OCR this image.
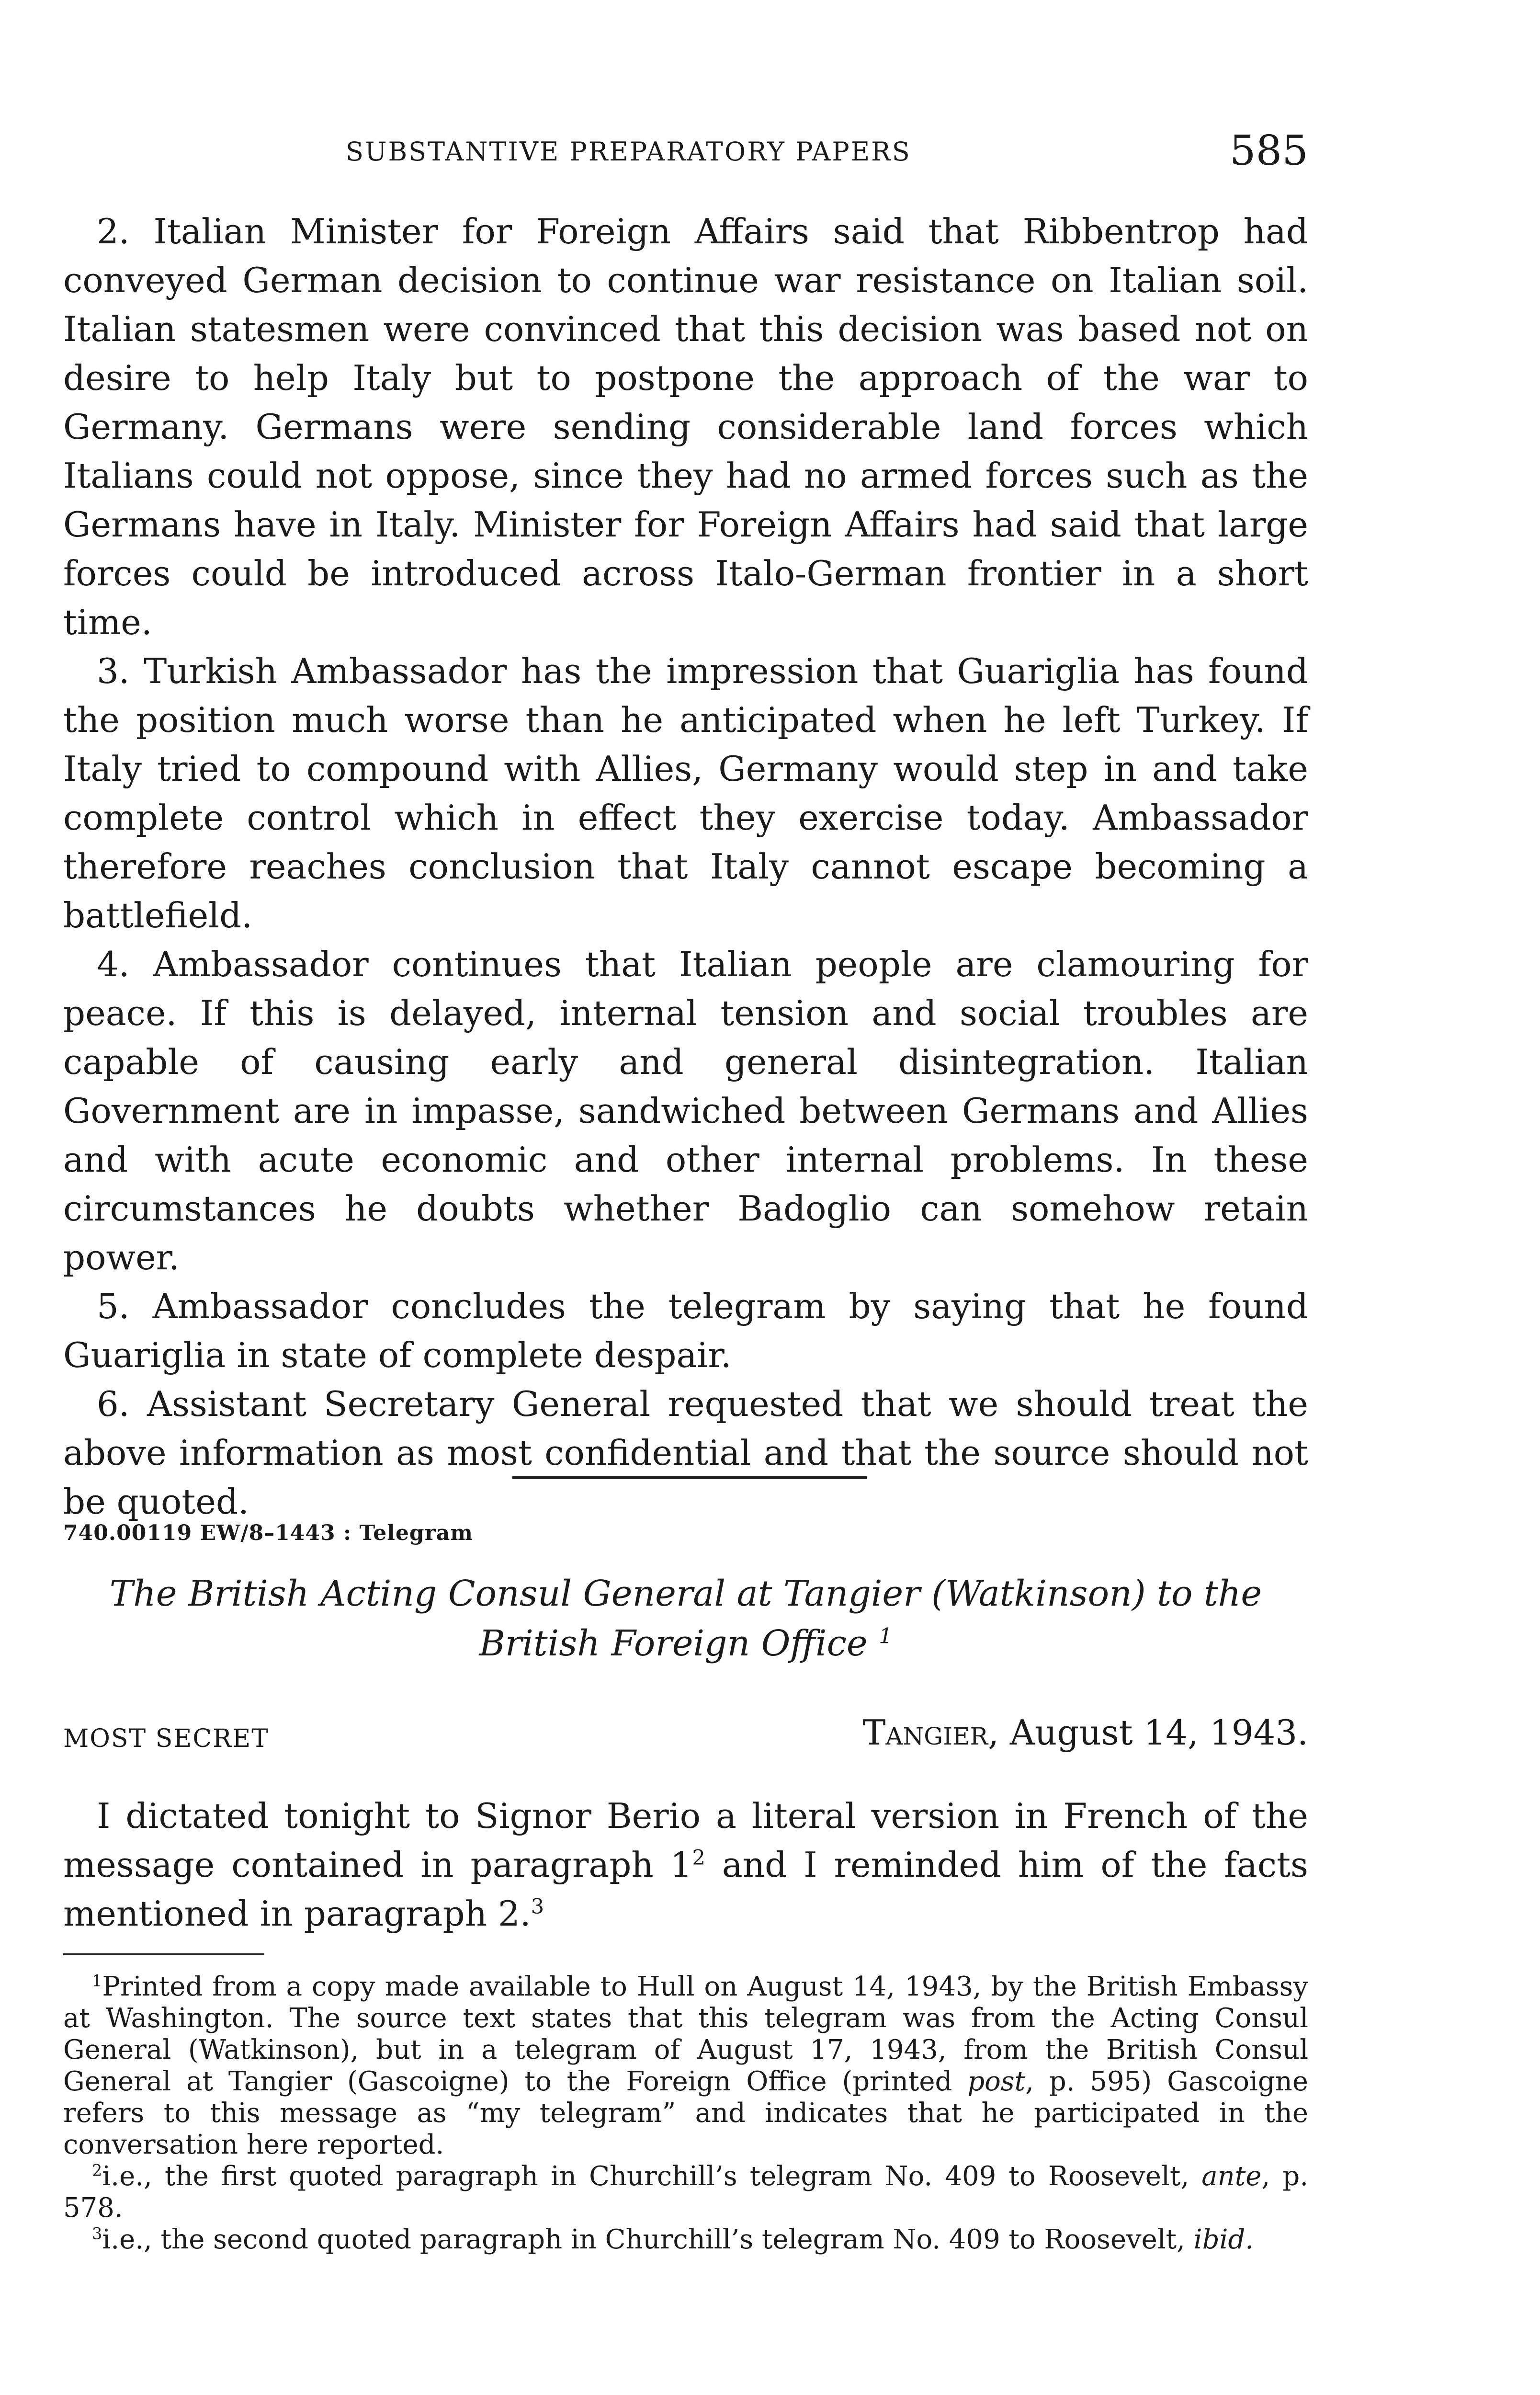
SUBSTANTIVE PREPARATORY PAPERS	585

2. Italian Minister for Foreign Affairs said that Ribbentrop had conveyed German decision to continue war resistance on Italian soil. Italian statesmen were convinced that this decision was based not on desire to help Italy but to postpone the approach of the war to Germany. Germans were sending considerable land forces which Italians could not oppose, since they had no armed forces such as the Germans have in Italy. Minister for Foreign Affairs had said that large forces could be introduced across Italo-German frontier in a short time.

3. Turkish Ambassador has the impression that Guariglia has found the position much worse than he anticipated when he left Turkey. If Italy tried to compound with Allies, Germany would step in and take complete control which in effect they exercise today. Ambassador therefore reaches conclusion that Italy cannot escape becoming a battlefield.

4. Ambassador continues that Italian people are clamouring for peace. If this is delayed, internal tension and social troubles are capable of causing early and general disintegration. Italian Government are in impasse, sandwiched between Germans and Allies and with acute economic and other internal problems. In these circumstances he doubts whether Badoglio can somehow retain power.

5. Ambassador concludes the telegram by saying that he found Guariglia in state of complete despair.

6. Assistant Secretary General requested that we should treat the above information as most confidential and that the source should not be quoted.

740.00119 EW/8–1443 : Telegram
The British Acting Consul General at Tangier (Watkinson) to the British Foreign Office $^1$
MOST SECRET	Tangier, August 14, 1943.

I dictated tonight to Signor Berio a literal version in French of the message contained in paragraph $1^2$ and I reminded him of the facts mentioned in paragraph 2.$^3$

$^1$Printed from a copy made available to Hull on August 14, 1943, by the British Embassy at Washington. The source text states that this telegram was from the Acting Consul General (Watkinson), but in a telegram of August 17, 1943, from the British Consul General at Tangier (Gascoigne) to the Foreign Office (printed post, p. 595) Gascoigne refers to this message as “my telegram” and indicates that he participated in the conversation here reported.

$^2$i.e., the first quoted paragraph in Churchill’s telegram No. 409 to Roosevelt, ante, p. 578.

$^3$i.e., the second quoted paragraph in Churchill’s telegram No. 409 to Roosevelt, ibid.
